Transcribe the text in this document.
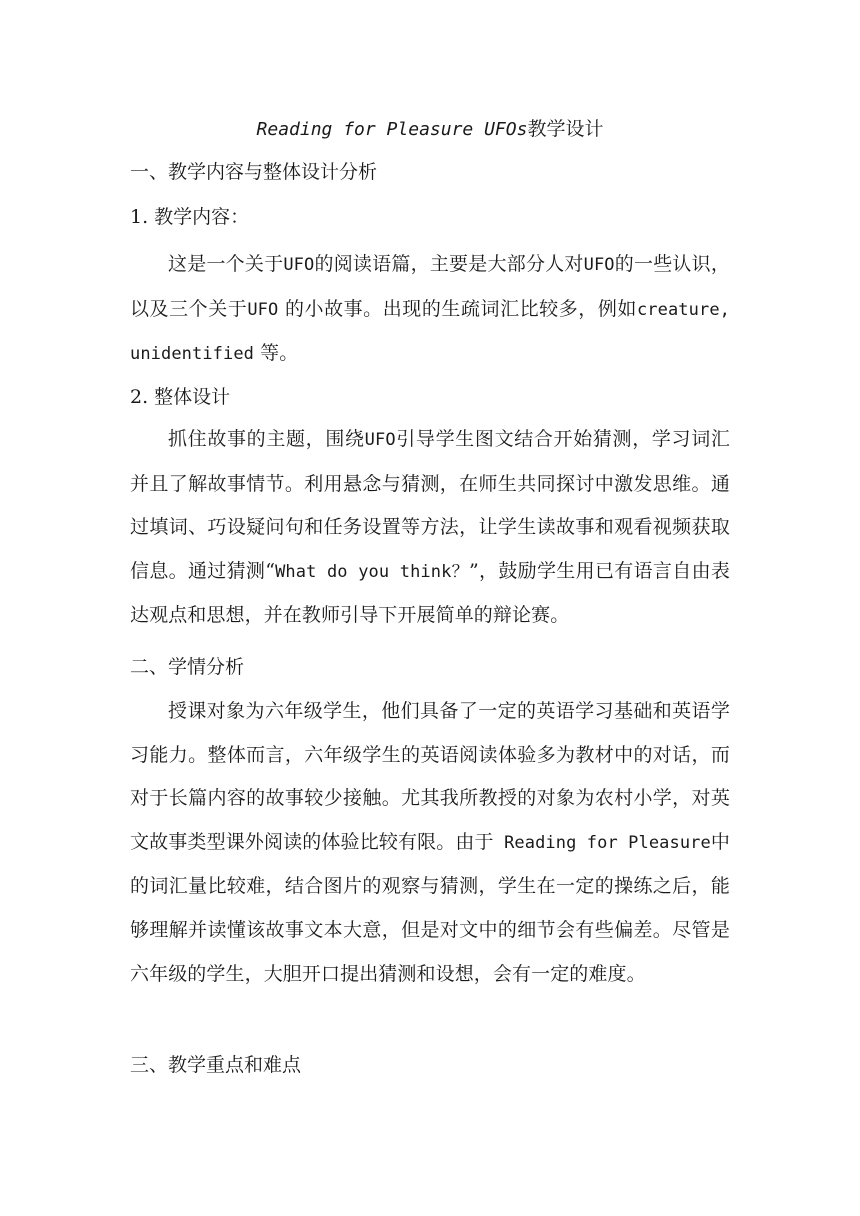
Reading for Pleasure UFOs教学设计
一、教学内容与整体设计分析
1. 教学内容：

这是一个关于UFO的阅读语篇，主要是大部分人对UFO的一些认识，以及三个关于UFO 的小故事。出现的生疏词汇比较多，例如creature, unidentified 等。

2. 整体设计

抓住故事的主题，围绕UFO引导学生图文结合开始猜测，学习词汇并且了解故事情节。利用悬念与猜测，在师生共同探讨中激发思维。通过填词、巧设疑问句和任务设置等方法，让学生读故事和观看视频获取信息。通过猜测“What do you think？”，鼓励学生用已有语言自由表达观点和思想，并在教师引导下开展简单的辩论赛。

二、学情分析

授课对象为六年级学生，他们具备了一定的英语学习基础和英语学习能力。整体而言，六年级学生的英语阅读体验多为教材中的对话，而对于长篇内容的故事较少接触。尤其我所教授的对象为农村小学，对英文故事类型课外阅读的体验比较有限。由于 Reading for Pleasure中的词汇量比较难，结合图片的观察与猜测，学生在一定的操练之后，能够理解并读懂该故事文本大意，但是对文中的细节会有些偏差。尽管是六年级的学生，大胆开口提出猜测和设想，会有一定的难度。

三、教学重点和难点
